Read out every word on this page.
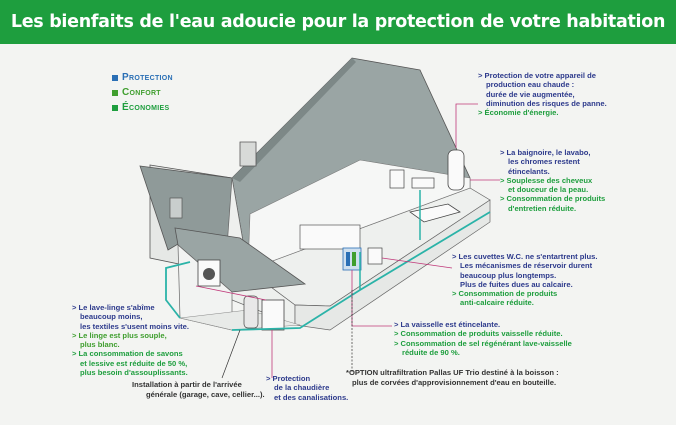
Les bienfaits de l'eau adoucie pour la protection de votre habitation
Protection
Confort
Économies
> Protection de votre appareil de
production eau chaude :
durée de vie augmentée,
diminution des risques de panne.
> Économie d'énergie.
> La baignoire, le lavabo,
les chromes restent
étincelants.
> Souplesse des cheveux
et douceur de la peau.
> Consommation de produits
d'entretien réduite.
> Les cuvettes W.C. ne s'entartrent plus.
Les mécanismes de réservoir durent
beaucoup plus longtemps.
Plus de fuites dues au calcaire.
> Consommation de produits
anti-calcaire réduite.
> La vaisselle est étincelante.
> Consommation de produits vaisselle réduite.
> Consommation de sel régénérant lave-vaisselle
réduite de 90 %.
> Le lave-linge s'abîme
beaucoup moins,
les textiles s'usent moins vite.
> Le linge est plus souple,
plus blanc.
> La consommation de savons
et lessive est réduite de 50 %,
plus besoin d'assouplissants.
> Protection
de la chaudière
et des canalisations.
Installation à partir de l'arrivée
générale (garage, cave, cellier...).
*OPTION ultrafiltration Pallas UF Trio destiné à la boisson :
plus de corvées d'approvisionnement d'eau en bouteille.
